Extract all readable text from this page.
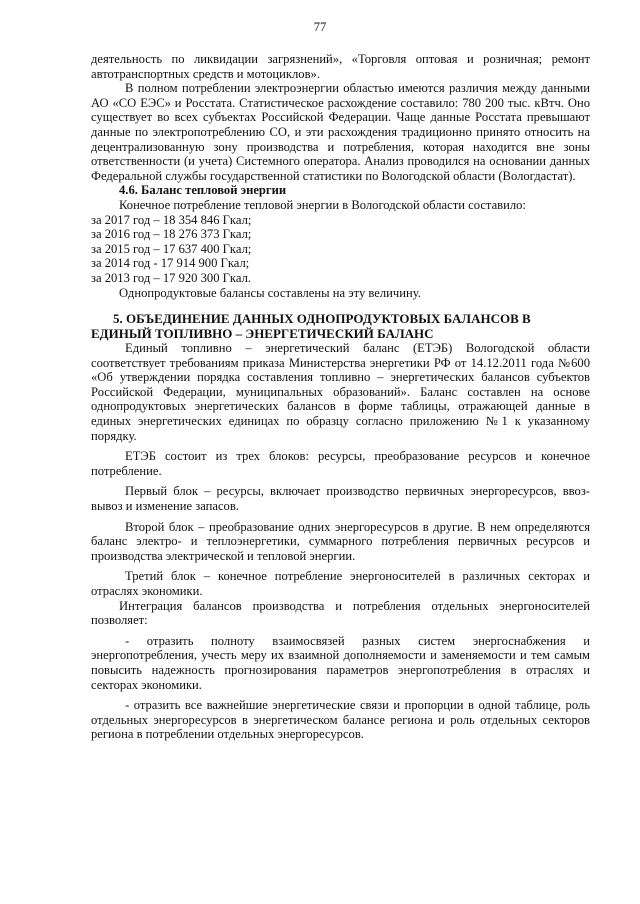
77

деятельность по ликвидации загрязнений», «Торговля оптовая и розничная; ремонт автотранспортных средств и мотоциклов».

В полном потреблении электроэнергии областью имеются различия между данными АО «СО ЕЭС» и Росстата. Статистическое расхождение составило: 780 200 тыс. кВтч. Оно существует во всех субъектах Российской Федерации. Чаще данные Росстата превышают данные по электропотреблению СО, и эти расхождения традиционно принято относить на децентрализованную зону производства и потребления, которая находится вне зоны ответственности (и учета) Системного оператора. Анализ проводился на основании данных Федеральной службы государственной статистики по Вологодской области (Вологдастат).

4.6. Баланс тепловой энергии

Конечное потребление тепловой энергии в Вологодской области составило:

за 2017 год – 18 354 846 Гкал;

за 2016 год – 18 276 373 Гкал;

за 2015 год – 17 637 400 Гкал;

за 2014 год - 17 914 900 Гкал;

за 2013 год – 17 920 300 Гкал.

Однопродуктовые балансы составлены на эту величину.

5. ОБЪЕДИНЕНИЕ ДАННЫХ ОДНОПРОДУКТОВЫХ БАЛАНСОВ В

ЕДИНЫЙ ТОПЛИВНО – ЭНЕРГЕТИЧЕСКИЙ БАЛАНС

Единый топливно – энергетический баланс (ЕТЭБ) Вологодской области соответствует требованиям приказа Министерства энергетики РФ от 14.12.2011 года №600 «Об утверждении порядка составления топливно – энергетических балансов субъектов Российской Федерации, муниципальных образований». Баланс составлен на основе однопродуктовых энергетических балансов в форме таблицы, отражающей данные в единых энергетических единицах по образцу согласно приложению №1 к указанному порядку.

ЕТЭБ состоит из трех блоков: ресурсы, преобразование ресурсов и конечное потребление.

Первый блок – ресурсы, включает производство первичных энергоресурсов, ввоз-вывоз и изменение запасов.

Второй блок – преобразование одних энергоресурсов в другие. В нем определяются баланс электро- и теплоэнергетики, суммарного потребления первичных ресурсов и производства электрической и тепловой энергии.

Третий блок – конечное потребление энергоносителей в различных секторах и отраслях экономики.

Интеграция балансов производства и потребления отдельных энергоносителей позволяет:

- отразить полноту взаимосвязей разных систем энергоснабжения и энергопотребления, учесть меру их взаимной дополняемости и заменяемости и тем самым повысить надежность прогнозирования параметров энергопотребления в отраслях и секторах экономики.

- отразить все важнейшие энергетические связи и пропорции в одной таблице, роль отдельных энергоресурсов в энергетическом балансе региона и роль отдельных секторов региона в потреблении отдельных энергоресурсов.
